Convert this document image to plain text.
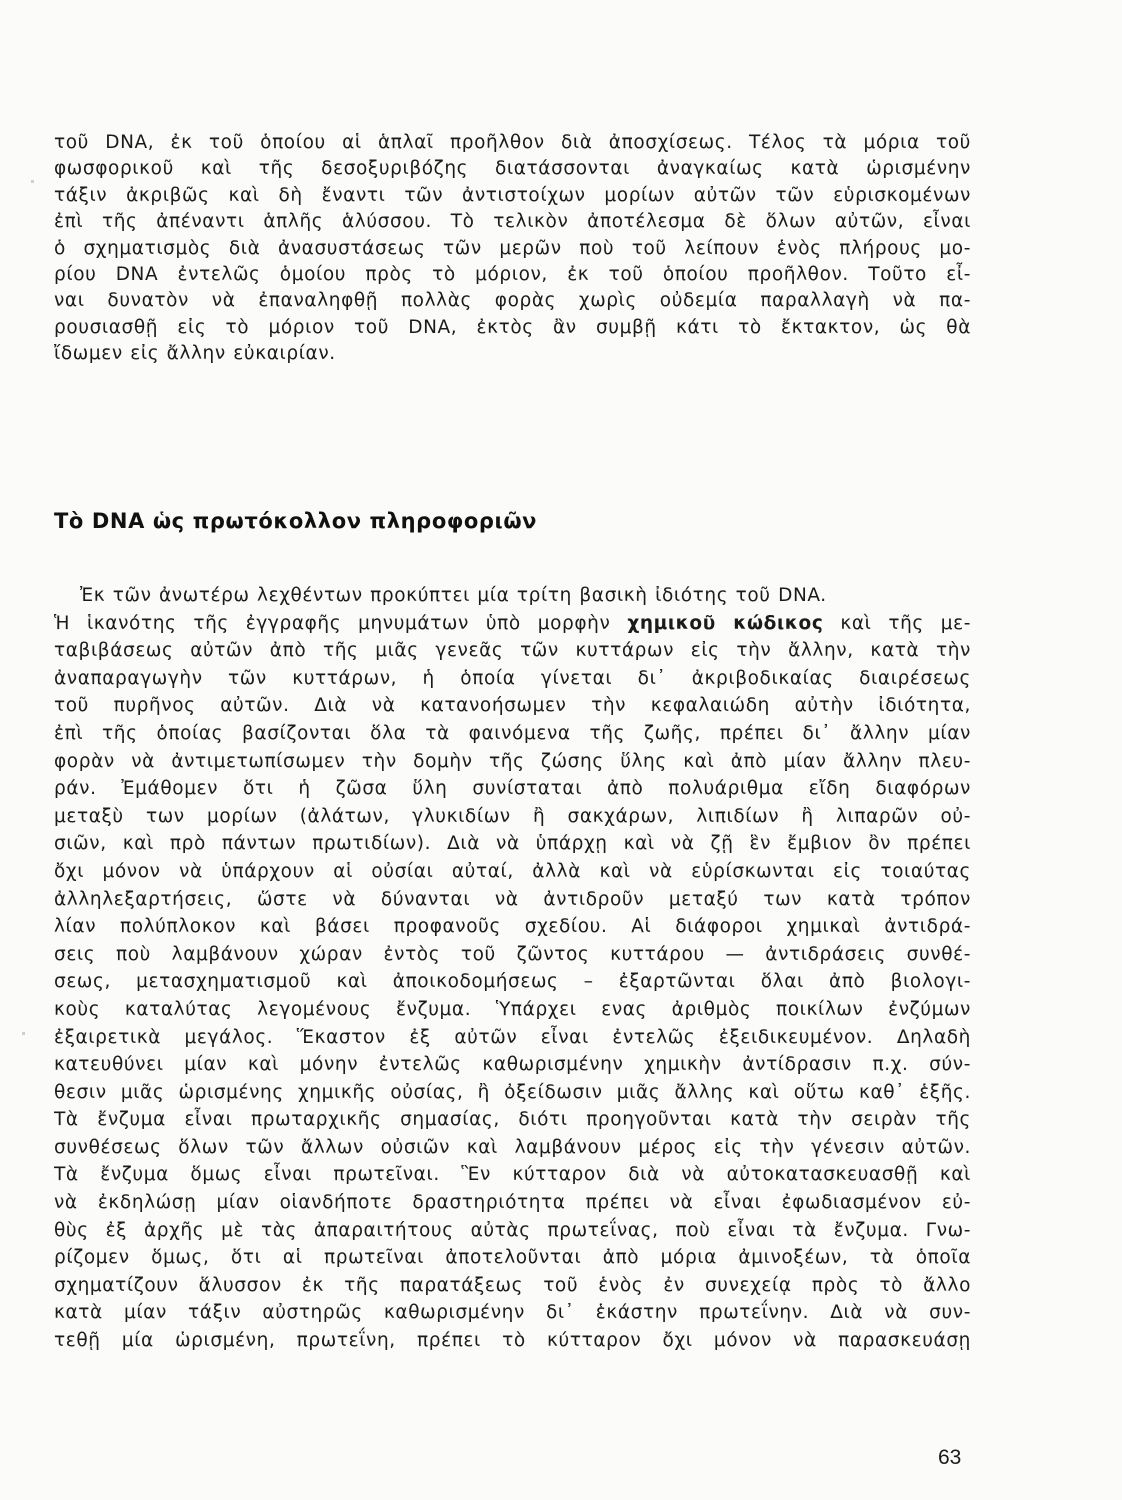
τοῦ DNA, ἐκ τοῦ ὁποίου αἱ ἁπλαῖ προῆλθον διὰ ἀποσχίσεως. Τέλος τὰ μόρια τοῦ
φωσφορικοῦ καὶ τῆς δεσοξυριβόζης διατάσσονται ἀναγκαίως κατὰ ὡρισμένην
τάξιν ἀκριβῶς καὶ δὴ ἔναντι τῶν ἀντιστοίχων μορίων αὐτῶν τῶν εὑρισκομένων
ἐπὶ τῆς ἀπέναντι ἁπλῆς ἁλύσσου. Τὸ τελικὸν ἀποτέλεσμα δὲ ὅλων αὐτῶν, εἶναι
ὁ σχηματισμὸς διὰ ἀνασυστάσεως τῶν μερῶν ποὺ τοῦ λείπουν ἑνὸς πλήρους μο-
ρίου DNA ἐντελῶς ὁμοίου πρὸς τὸ μόριον, ἐκ τοῦ ὁποίου προῆλθον. Τοῦτο εἶ-
ναι δυνατὸν νὰ ἐπαναληφθῇ πολλὰς φορὰς χωρὶς οὐδεμία παραλλαγὴ νὰ πα-
ρουσιασθῇ εἰς τὸ μόριον τοῦ DNA, ἐκτὸς ἂν συμβῇ κάτι τὸ ἔκτακτον, ὡς θὰ
ἴδωμεν εἰς ἄλλην εὐκαιρίαν.
Τὸ DNA ὡς πρωτόκολλον πληροφοριῶν
Ἐκ τῶν ἀνωτέρω λεχθέντων προκύπτει μία τρίτη βασικὴ ἰδιότης τοῦ DNA.
Ἡ ἱκανότης τῆς ἐγγραφῆς μηνυμάτων ὑπὸ μορφὴν χημικοῦ κώδικος καὶ τῆς με-
ταβιβάσεως αὐτῶν ἀπὸ τῆς μιᾶς γενεᾶς τῶν κυττάρων εἰς τὴν ἄλλην, κατὰ τὴν
ἀναπαραγωγὴν τῶν κυττάρων, ἡ ὁποία γίνεται δι᾿ ἀκριβοδικαίας διαιρέσεως
τοῦ πυρῆνος αὐτῶν. Διὰ νὰ κατανοήσωμεν τὴν κεφαλαιώδη αὐτὴν ἰδιότητα,
ἐπὶ τῆς ὁποίας βασίζονται ὅλα τὰ φαινόμενα τῆς ζωῆς, πρέπει δι᾿ ἄλλην μίαν
φορὰν νὰ ἀντιμετωπίσωμεν τὴν δομὴν τῆς ζώσης ὕλης καὶ ἀπὸ μίαν ἄλλην πλευ-
ράν. Ἐμάθομεν ὅτι ἡ ζῶσα ὕλη συνίσταται ἀπὸ πολυάριθμα εἴδη διαφόρων
μεταξὺ των μορίων (ἀλάτων, γλυκιδίων ἢ σακχάρων, λιπιδίων ἢ λιπαρῶν οὐ-
σιῶν, καὶ πρὸ πάντων πρωτιδίων). Διὰ νὰ ὑπάρχῃ καὶ νὰ ζῇ ἓν ἔμβιον ὂν πρέπει
ὄχι μόνον νὰ ὑπάρχουν αἱ οὐσίαι αὐταί, ἀλλὰ καὶ νὰ εὑρίσκωνται εἰς τοιαύτας
ἀλληλεξαρτήσεις, ὥστε νὰ δύνανται νὰ ἀντιδροῦν μεταξύ των κατὰ τρόπον
λίαν πολύπλοκον καὶ βάσει προφανοῦς σχεδίου. Αἱ διάφοροι χημικαὶ ἀντιδρά-
σεις ποὺ λαμβάνουν χώραν ἐντὸς τοῦ ζῶντος κυττάρου — ἀντιδράσεις συνθέ-
σεως, μετασχηματισμοῦ καὶ ἀποικοδομήσεως – ἐξαρτῶνται ὅλαι ἀπὸ βιολογι-
κοὺς καταλύτας λεγομένους ἔνζυμα. Ὑπάρχει ενας ἀριθμὸς ποικίλων ἐνζύμων
ἐξαιρετικὰ μεγάλος. Ἕκαστον ἐξ αὐτῶν εἶναι ἐντελῶς ἐξειδικευμένον. Δηλαδὴ
κατευθύνει μίαν καὶ μόνην ἐντελῶς καθωρισμένην χημικὴν ἀντίδρασιν π.χ. σύν-
θεσιν μιᾶς ὡρισμένης χημικῆς οὐσίας, ἢ ὀξείδωσιν μιᾶς ἄλλης καὶ οὕτω καθ᾿ ἑξῆς.
Τὰ ἔνζυμα εἶναι πρωταρχικῆς σημασίας, διότι προηγοῦνται κατὰ τὴν σειρὰν τῆς
συνθέσεως ὅλων τῶν ἄλλων οὐσιῶν καὶ λαμβάνουν μέρος εἰς τὴν γένεσιν αὐτῶν.
Τὰ ἔνζυμα ὅμως εἶναι πρωτεῖναι. Ἓν κύτταρον διὰ νὰ αὐτοκατασκευασθῇ καὶ
νὰ ἐκδηλώσῃ μίαν οἱανδήποτε δραστηριότητα πρέπει νὰ εἶναι ἐφωδιασμένον εὐ-
θὺς ἐξ ἀρχῆς μὲ τὰς ἀπαραιτήτους αὐτὰς πρωτεΐνας, ποὺ εἶναι τὰ ἔνζυμα. Γνω-
ρίζομεν ὅμως, ὅτι αἱ πρωτεῖναι ἀποτελοῦνται ἀπὸ μόρια ἀμινοξέων, τὰ ὁποῖα
σχηματίζουν ἅλυσσον ἐκ τῆς παρατάξεως τοῦ ἑνὸς ἐν συνεχείᾳ πρὸς τὸ ἄλλο
κατὰ μίαν τάξιν αὐστηρῶς καθωρισμένην δι᾿ ἑκάστην πρωτεΐνην. Διὰ νὰ συν-
τεθῇ μία ὡρισμένη, πρωτεΐνη, πρέπει τὸ κύτταρον ὄχι μόνον νὰ παρασκευάσῃ
63
